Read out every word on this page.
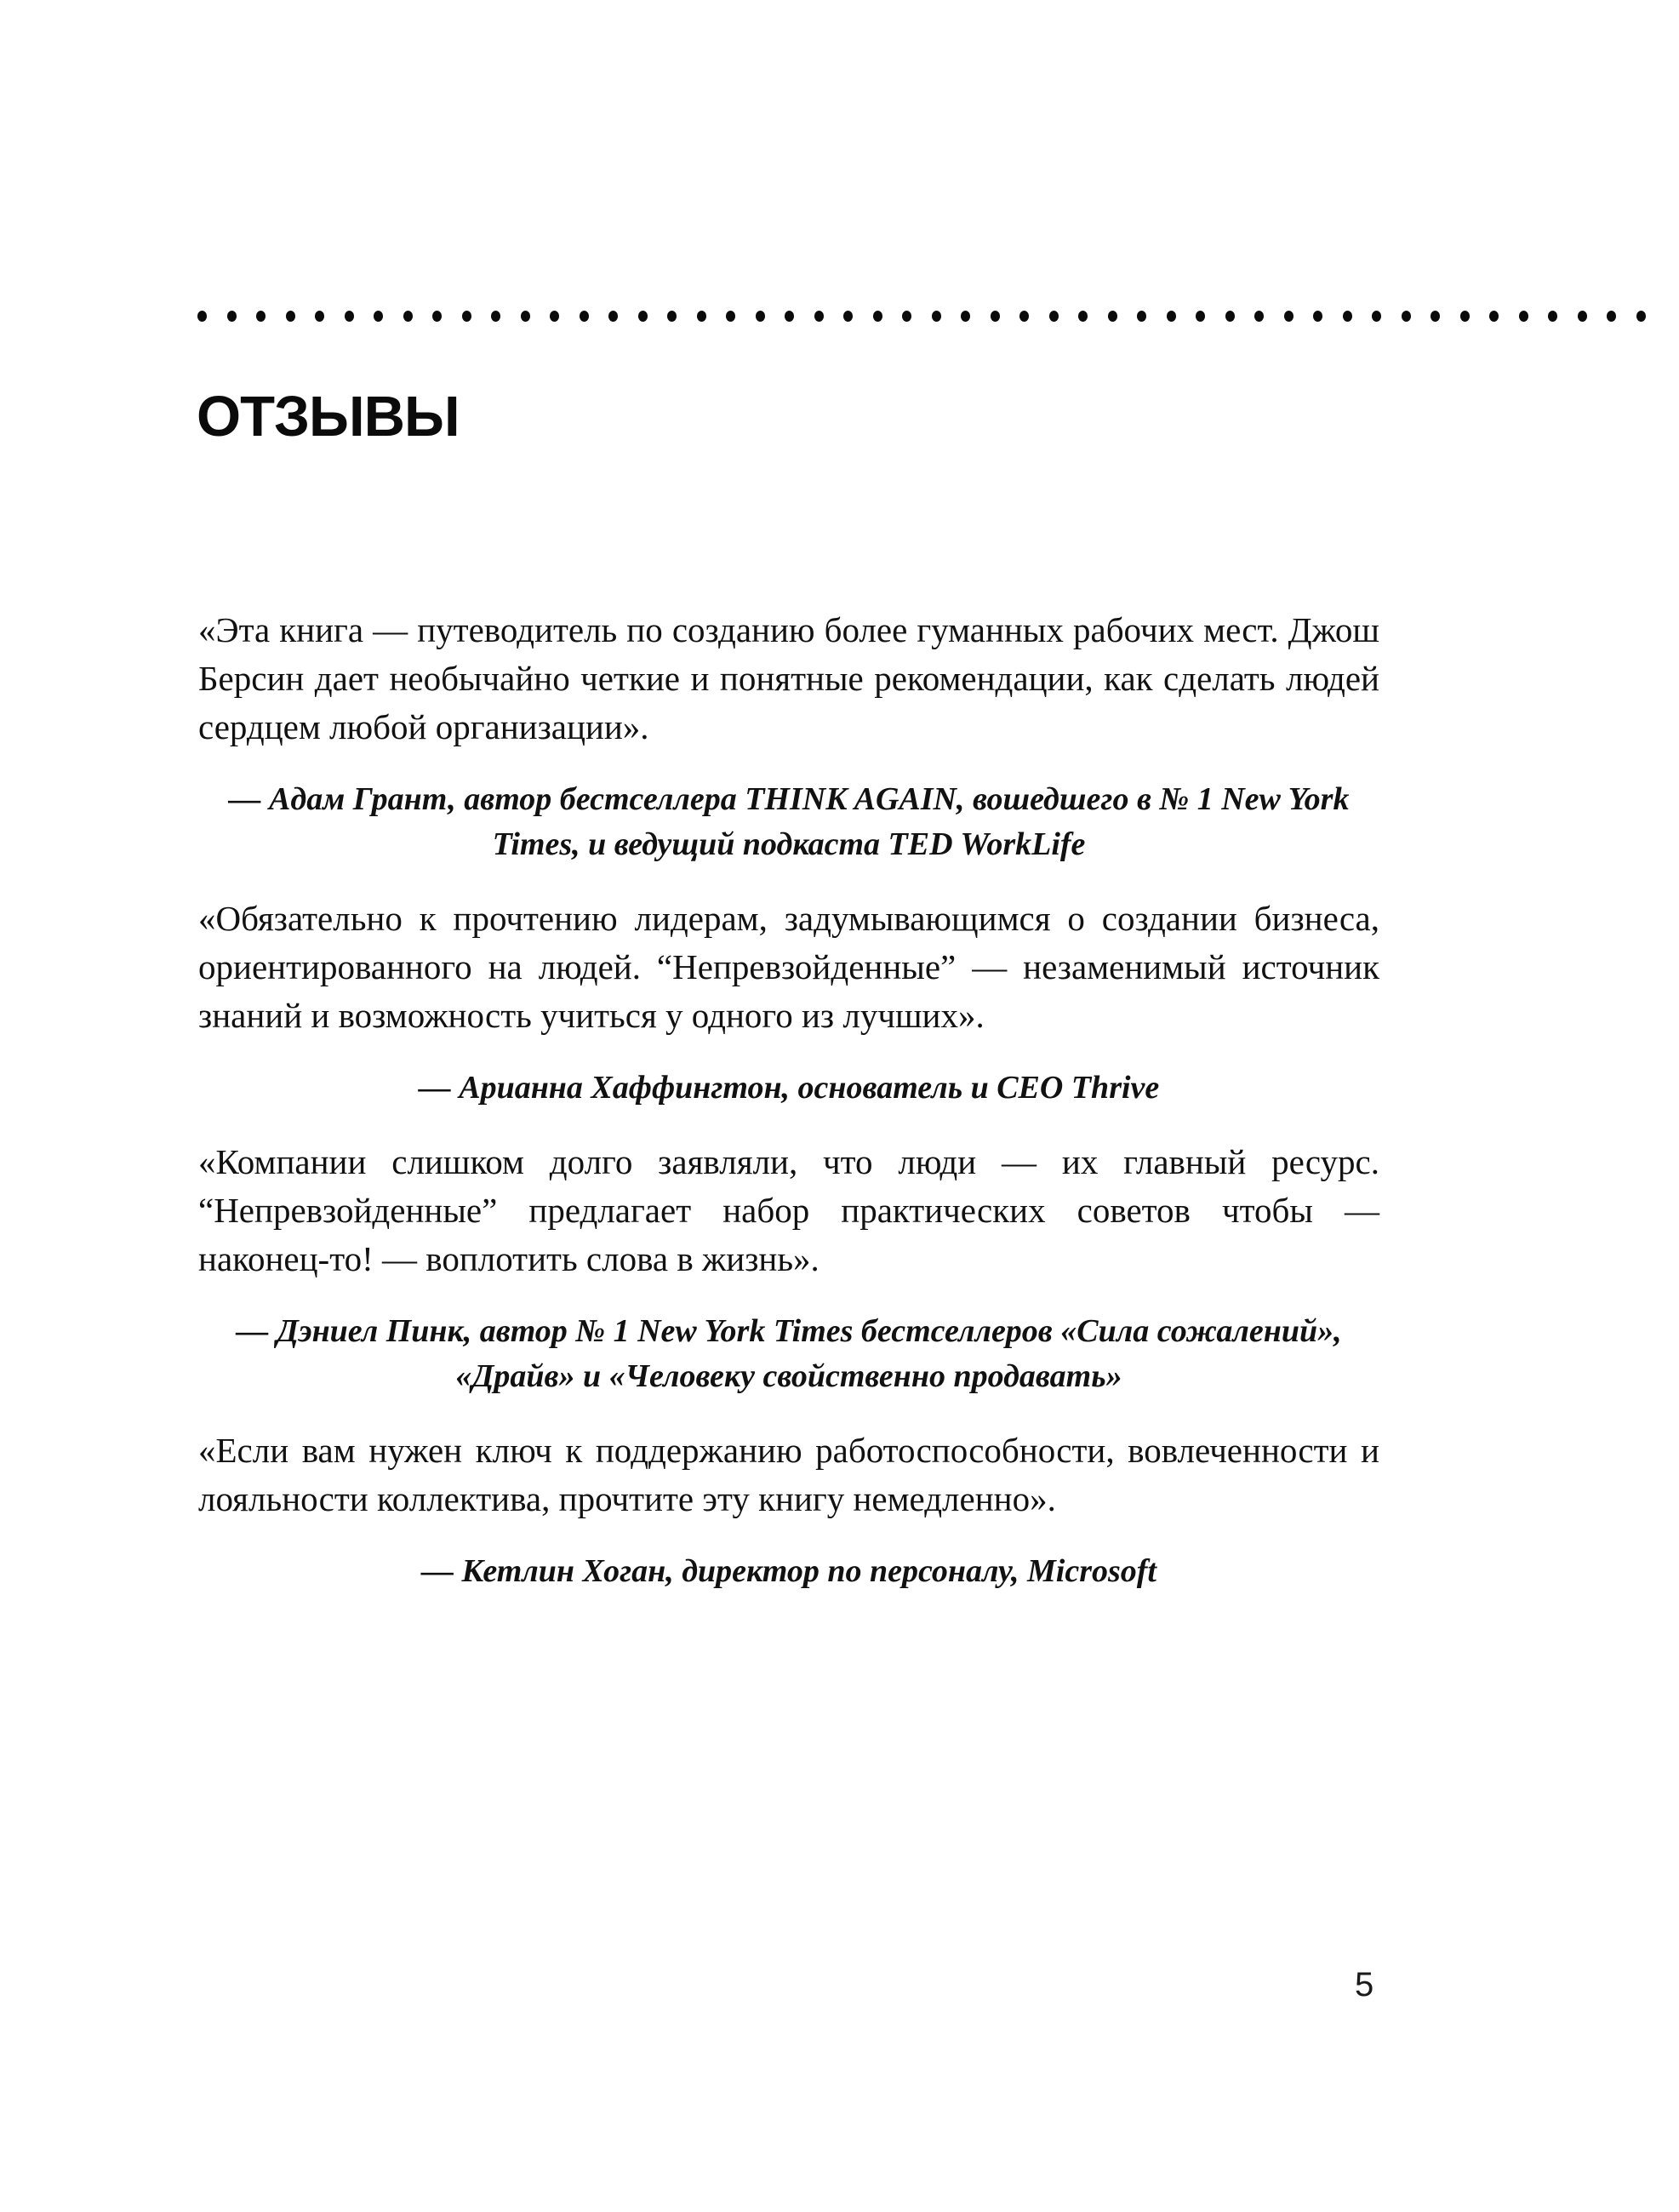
отзывы

«Эта книга — путеводитель по созданию более гуманных рабочих мест. Джош Берсин дает необычайно четкие и понятные рекомендации, как сделать людей сердцем любой организации».

— Адам Грант, автор бестселлера THINK AGAIN, вошедшего в № 1 New York Times, и ведущий подкаста TED WorkLife

«Обязательно к прочтению лидерам, задумывающимся о создании бизнеса, ориентированного на людей. “Непревзойденные” — незаменимый источник знаний и возможность учиться у одного из лучших».

— Арианна Хаффингтон, основатель и CEO Thrive

«Компании слишком долго заявляли, что люди — их главный ресурс. “Непревзойденные” предлагает набор практических советов чтобы — наконец-то! — воплотить слова в жизнь».

— Дэниел Пинк, автор № 1 New York Times бестселлеров «Сила сожалений», «Драйв» и «Человеку свойственно продавать»

«Если вам нужен ключ к поддержанию работоспособности, вовлеченности и лояльности коллектива, прочтите эту книгу немедленно».

— Кетлин Хоган, директор по персоналу, Microsoft

5
